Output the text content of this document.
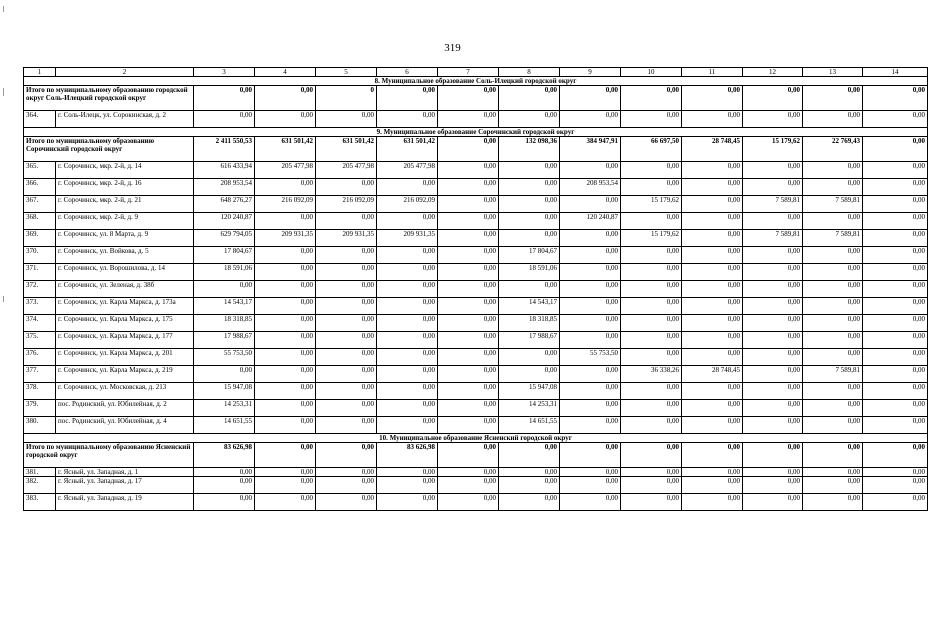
319
1	2	3	4	5	6	7	8	9	10	11	12	13	14
8. Муниципальное образование Соль-Илецкий городской округ													
Итого по муниципальному образованию городской округ Соль-Илецкий городской округ		0,00	0,00	0	0,00	0,00	0,00	0,00	0,00	0,00	0,00	0,00	0,00
364.	г. Соль-Илецк, ул. Сорокинская, д. 2	0,00	0,00	0,00	0,00	0,00	0,00	0,00	0,00	0,00	0,00	0,00	0,00
9. Муниципальное образование Сорочинский городской округ													
Итого по муниципальному образованию Сорочинский городской округ		2 411 550,53	631 501,42	631 501,42	631 501,42	0,00	132 098,36	384 947,91	66 697,50	28 748,45	15 179,62	22 769,43	0,00
365.	г. Сорочинск, мкр. 2-й, д. 14	616 433,94	205 477,98	205 477,98	205 477,98	0,00	0,00	0,00	0,00	0,00	0,00	0,00	0,00
366.	г. Сорочинск, мкр. 2-й, д. 16	208 953,54	0,00	0,00	0,00	0,00	0,00	208 953,54	0,00	0,00	0,00	0,00	0,00
367.	г. Сорочинск, мкр. 2-й, д. 21	648 276,27	216 092,09	216 092,09	216 092,09	0,00	0,00	0,00	15 179,62	0,00	7 589,81	7 589,81	0,00
368.	г. Сорочинск, мкр. 2-й, д. 9	120 240,87	0,00	0,00	0,00	0,00	0,00	120 240,87	0,00	0,00	0,00	0,00	0,00
369.	г. Сорочинск, ул. 8 Марта, д. 9	629 794,05	209 931,35	209 931,35	209 931,35	0,00	0,00	0,00	15 179,62	0,00	7 589,81	7 589,81	0,00
370.	г. Сорочинск, ул. Войкова, д. 5	17 804,67	0,00	0,00	0,00	0,00	17 804,67	0,00	0,00	0,00	0,00	0,00	0,00
371.	г. Сорочинск, ул. Ворошилова, д. 14	18 591,06	0,00	0,00	0,00	0,00	18 591,06	0,00	0,00	0,00	0,00	0,00	0,00
372.	г. Сорочинск, ул. Зеленая, д. 38б	0,00	0,00	0,00	0,00	0,00	0,00	0,00	0,00	0,00	0,00	0,00	0,00
373.	г. Сорочинск, ул. Карла Маркса, д. 173а	14 543,17	0,00	0,00	0,00	0,00	14 543,17	0,00	0,00	0,00	0,00	0,00	0,00
374.	г. Сорочинск, ул. Карла Маркса, д. 175	18 318,85	0,00	0,00	0,00	0,00	18 318,85	0,00	0,00	0,00	0,00	0,00	0,00
375.	г. Сорочинск, ул. Карла Маркса, д. 177	17 988,67	0,00	0,00	0,00	0,00	17 988,67	0,00	0,00	0,00	0,00	0,00	0,00
376.	г. Сорочинск, ул. Карла Маркса, д. 201	55 753,50	0,00	0,00	0,00	0,00	0,00	55 753,50	0,00	0,00	0,00	0,00	0,00
377.	г. Сорочинск, ул. Карла Маркса, д. 219	0,00	0,00	0,00	0,00	0,00	0,00	0,00	36 338,26	28 748,45	0,00	7 589,81	0,00
378.	г. Сорочинск, ул. Московская, д. 213	15 947,08	0,00	0,00	0,00	0,00	15 947,08	0,00	0,00	0,00	0,00	0,00	0,00
379.	пос. Родинский, ул. Юбилейная, д. 2	14 253,31	0,00	0,00	0,00	0,00	14 253,31	0,00	0,00	0,00	0,00	0,00	0,00
380.	пос. Родинский, ул. Юбилейная, д. 4	14 651,55	0,00	0,00	0,00	0,00	14 651,55	0,00	0,00	0,00	0,00	0,00	0,00
10. Муниципальное образование Ясненский городской округ													
Итого по муниципальному образованию Ясненский городской округ		83 626,98	0,00	0,00	83 626,98	0,00	0,00	0,00	0,00	0,00	0,00	0,00	0,00
381.	г. Ясный, ул. Западная, д. 1	0,00	0,00	0,00	0,00	0,00	0,00	0,00	0,00	0,00	0,00	0,00	0,00
382.	г. Ясный, ул. Западная, д. 17	0,00	0,00	0,00	0,00	0,00	0,00	0,00	0,00	0,00	0,00	0,00	0,00
383.	г. Ясный, ул. Западная, д. 19	0,00	0,00	0,00	0,00	0,00	0,00	0,00	0,00	0,00	0,00	0,00	0,00
